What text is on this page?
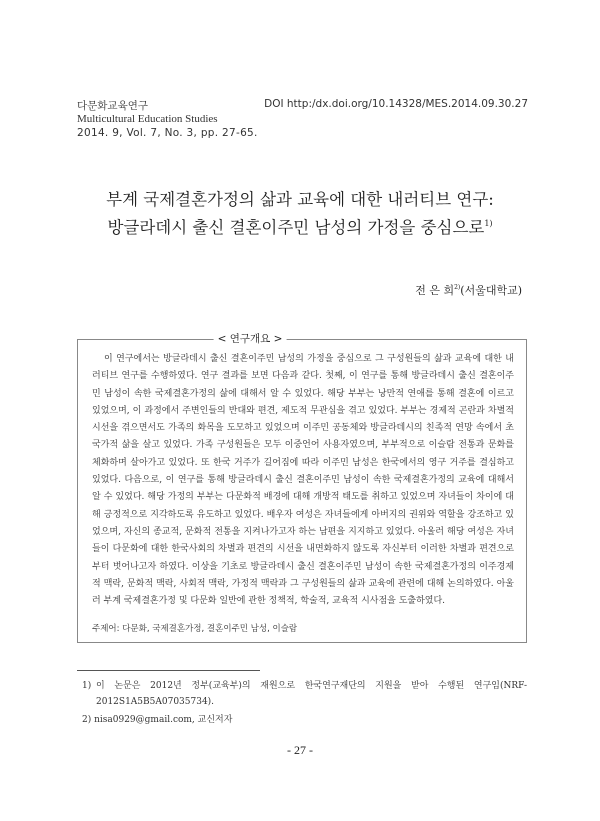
다문화교육연구	DOI http:/dx.doi.org/10.14328/MES.2014.09.30.27
Multicultural Education Studies
2014. 9, Vol. 7, No. 3, pp. 27-65.
부계 국제결혼가정의 삶과 교육에 대한 내러티브 연구:
방글라데시 출신 결혼이주민 남성의 가정을 중심으로$^{1)}$
전 은 희$^{2)}$(서울대학교)
< 연구개요 >

이 연구에서는 방글라데시 출신 결혼이주민 남성의 가정을 중심으로 그 구성원들의 삶과 교육에 대한 내러티브 연구를 수행하였다. 연구 결과를 보면 다음과 같다. 첫째, 이 연구를 통해 방글라데시 출신 결혼이주민 남성이 속한 국제결혼가정의 삶에 대해서 알 수 있었다. 해당 부부는 낭만적 연애를 통해 결혼에 이르고 있었으며, 이 과정에서 주변인들의 반대와 편견, 제도적 무관심을 겪고 있었다. 부부는 경제적 곤란과 차별적 시선을 겪으면서도 가족의 화목을 도모하고 있었으며 이주민 공동체와 방글라데시의 친족적 연망 속에서 초국가적 삶을 살고 있었다. 가족 구성원들은 모두 이중언어 사용자였으며, 부부적으로 이슬람 전통과 문화를 체화하며 살아가고 있었다. 또 한국 거주가 길어짐에 따라 이주민 남성은 한국에서의 영구 거주를 결심하고 있었다. 다음으로, 이 연구를 통해 방글라데시 출신 결혼이주민 남성이 속한 국제결혼가정의 교육에 대해서 알 수 있었다. 해당 가정의 부부는 다문화적 배경에 대해 개방적 태도를 취하고 있었으며 자녀들이 차이에 대해 긍정적으로 지각하도록 유도하고 있었다. 배우자 여성은 자녀들에게 아버지의 권위와 역할을 강조하고 있었으며, 자신의 종교적, 문화적 전통을 지켜나가고자 하는 남편을 지지하고 있었다. 아울러 해당 여성은 자녀들이 다문화에 대한 한국사회의 차별과 편견의 시선을 내면화하지 않도록 자신부터 이러한 차별과 편견으로부터 벗어나고자 하였다. 이상을 기초로 방글라데시 출신 결혼이주민 남성이 속한 국제결혼가정의 이주경제적 맥락, 문화적 맥락, 사회적 맥락, 가정적 맥락과 그 구성원들의 삶과 교육에 관련에 대해 논의하였다. 아울러 부계 국제결혼가정 및 다문화 일반에 관한 정책적, 학술적, 교육적 시사점을 도출하였다.

주제어: 다문화, 국제결혼가정, 결혼이주민 남성, 이슬람
1) 이 논문은 2012년 정부(교육부)의 재원으로 한국연구재단의 지원을 받아 수행된 연구임(NRF-2012S1A5B5A07035734).
2) nisa0929@gmail.com, 교신저자
- 27 -
